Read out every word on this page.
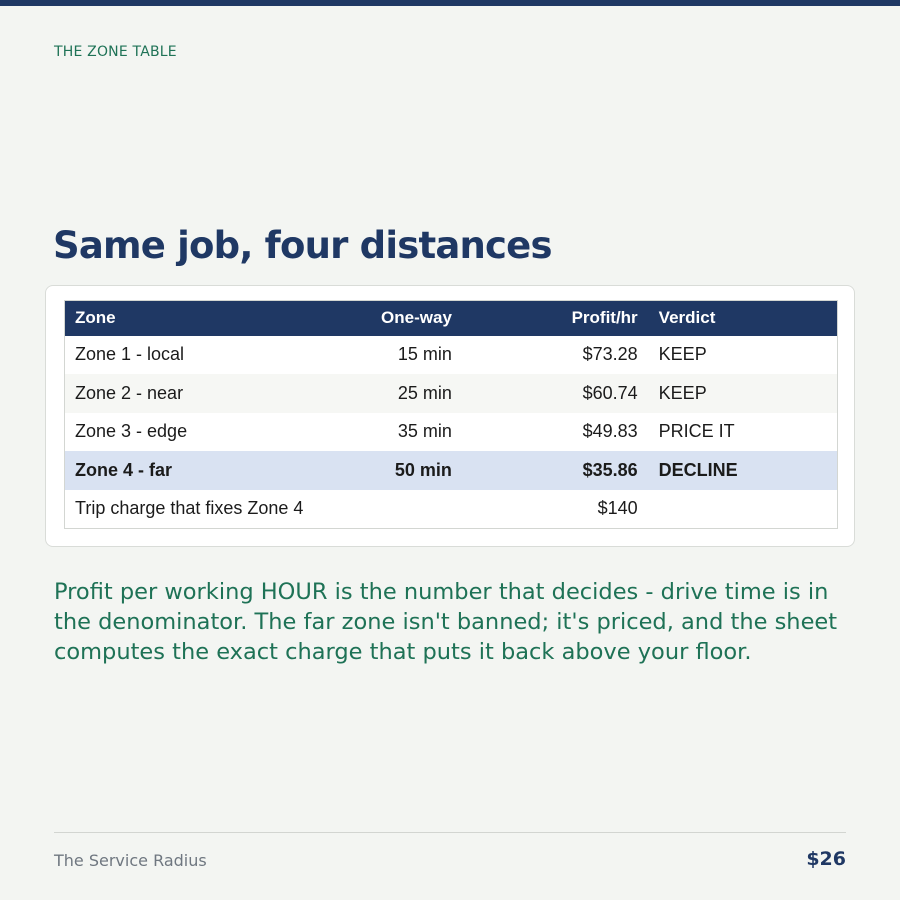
THE ZONE TABLE
Same job, four distances
Zone	One-way	Profit/hr	Verdict
Zone 1 - local	15 min	$73.28	KEEP
Zone 2 - near	25 min	$60.74	KEEP
Zone 3 - edge	35 min	$49.83	PRICE IT
Zone 4 - far	50 min	$35.86	DECLINE
Trip charge that fixes Zone 4		$140	

Profit per working HOUR is the number that decides - drive time is in the denominator. The far zone isn't banned; it's priced, and the sheet computes the exact charge that puts it back above your floor.

The Service Radius	$26
